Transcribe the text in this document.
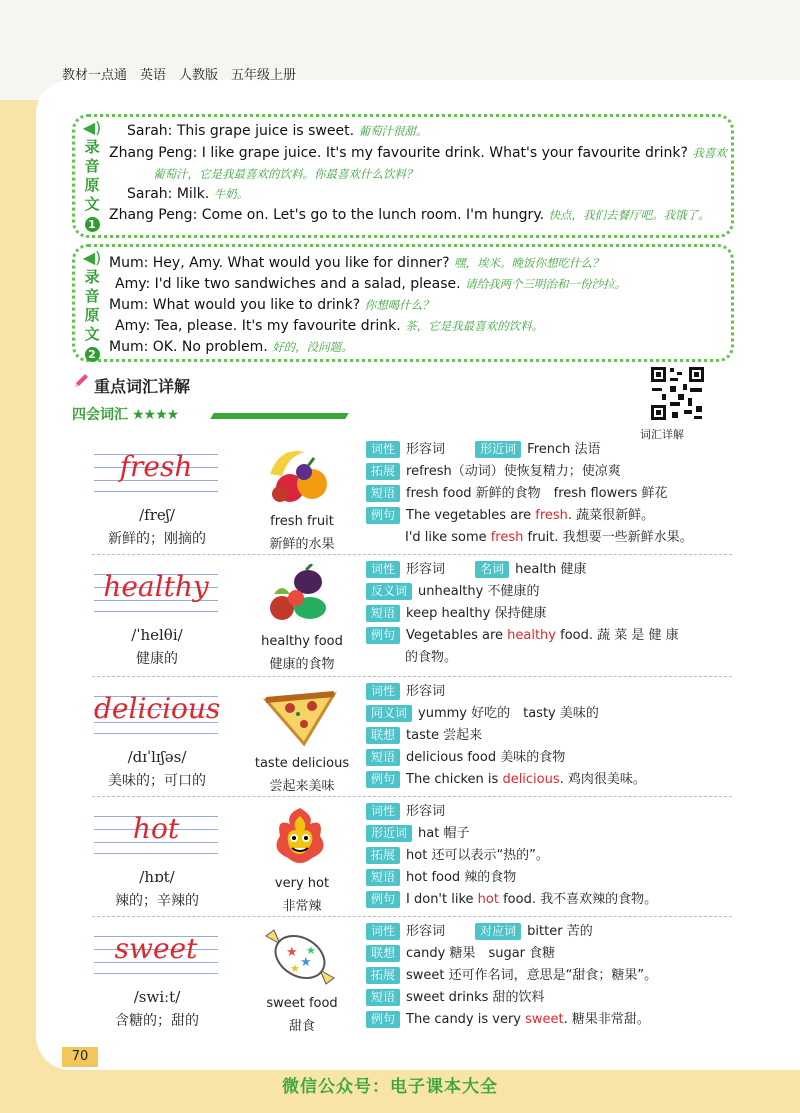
教材一点通　英语　人教版　五年级上册
◀)
录音原文
1
Sarah: This grape juice is sweet. 葡萄汁很甜。
Zhang Peng: I like grape juice. It's my favourite drink. What's your favourite drink? 我喜欢
葡萄汁，它是我最喜欢的饮料。你最喜欢什么饮料？
Sarah: Milk. 牛奶。
Zhang Peng: Come on. Let's go to the lunch room. I'm hungry. 快点，我们去餐厅吧。我饿了。
◀)
录音原文
2
Mum: Hey, Amy. What would you like for dinner? 嘿，埃米。晚饭你想吃什么？
Amy: I'd like two sandwiches and a salad, please. 请给我两个三明治和一份沙拉。
Mum: What would you like to drink? 你想喝什么？
Amy: Tea, please. It's my favourite drink. 茶，它是我最喜欢的饮料。
Mum: OK. No problem. 好的，没问题。
重点词汇详解
词汇详解
四会词汇 ★★★★
fresh
/freʃ/
新鲜的；刚摘的
fresh fruit
新鲜的水果
词性 形容词　　 形近词 French 法语
拓展 refresh（动词）使恢复精力；使凉爽
短语 fresh food 新鲜的食物　fresh flowers 鲜花
例句 The vegetables are fresh. 蔬菜很新鲜。
　　　I'd like some fresh fruit. 我想要一些新鲜水果。
healthy
/ˈhelθi/
健康的
healthy food
健康的食物
词性 形容词　　 名词 health 健康
反义词 unhealthy 不健康的
短语 keep healthy 保持健康
例句 Vegetables are healthy food. 蔬 菜 是 健 康
　　　的食物。
delicious
/dɪˈlɪʃəs/
美味的；可口的
taste delicious
尝起来美味
词性 形容词
同义词 yummy 好吃的　tasty 美味的
联想 taste 尝起来
短语 delicious food 美味的食物
例句 The chicken is delicious. 鸡肉很美味。
hot
/hɒt/
辣的；辛辣的
very hot
非常辣
词性 形容词
形近词 hat 帽子
拓展 hot 还可以表示“热的”。
短语 hot food 辣的食物
例句 I don't like hot food. 我不喜欢辣的食物。
sweet
/swiːt/
含糖的；甜的
★
★
★
★
sweet food
甜食
词性 形容词　　 对应词 bitter 苦的
联想 candy 糖果　sugar 食糖
拓展 sweet 还可作名词，意思是“甜食；糖果”。
短语 sweet drinks 甜的饮料
例句 The candy is very sweet. 糖果非常甜。
70
微信公众号：电子课本大全
